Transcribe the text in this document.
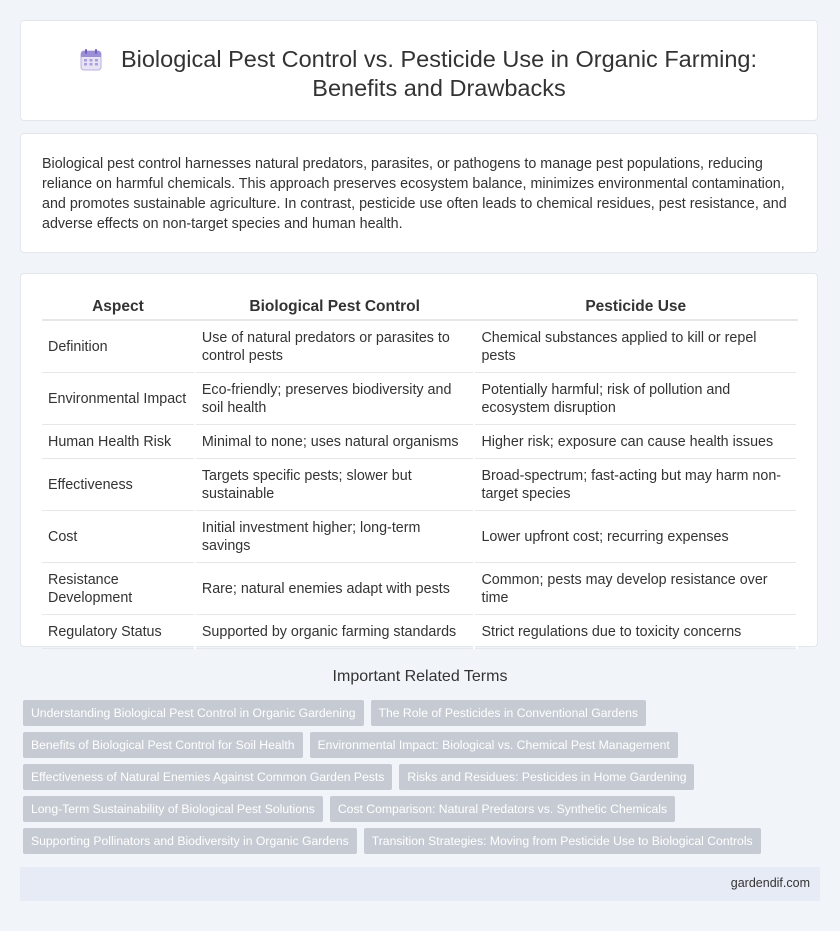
Biological Pest Control vs. Pesticide Use in Organic Farming: Benefits and Drawbacks

Biological pest control harnesses natural predators, parasites, or pathogens to manage pest populations, reducing reliance on harmful chemicals. This approach preserves ecosystem balance, minimizes environmental contamination, and promotes sustainable agriculture. In contrast, pesticide use often leads to chemical residues, pest resistance, and adverse effects on non-target species and human health.

Aspect	Biological Pest Control	Pesticide Use
Definition	Use of natural predators or parasites to control pests	Chemical substances applied to kill or repel pests
Environmental Impact	Eco-friendly; preserves biodiversity and soil health	Potentially harmful; risk of pollution and ecosystem disruption
Human Health Risk	Minimal to none; uses natural organisms	Higher risk; exposure can cause health issues
Effectiveness	Targets specific pests; slower but sustainable	Broad-spectrum; fast-acting but may harm non-target species
Cost	Initial investment higher; long-term savings	Lower upfront cost; recurring expenses
Resistance Development	Rare; natural enemies adapt with pests	Common; pests may develop resistance over time
Regulatory Status	Supported by organic farming standards	Strict regulations due to toxicity concerns
Important Related Terms
Understanding Biological Pest Control in Organic Gardening	The Role of Pesticides in Conventional Gardens
Benefits of Biological Pest Control for Soil Health	Environmental Impact: Biological vs. Chemical Pest Management
Effectiveness of Natural Enemies Against Common Garden Pests	Risks and Residues: Pesticides in Home Gardening
Long-Term Sustainability of Biological Pest Solutions	Cost Comparison: Natural Predators vs. Synthetic Chemicals
Supporting Pollinators and Biodiversity in Organic Gardens	Transition Strategies: Moving from Pesticide Use to Biological Controls
gardendif.com
